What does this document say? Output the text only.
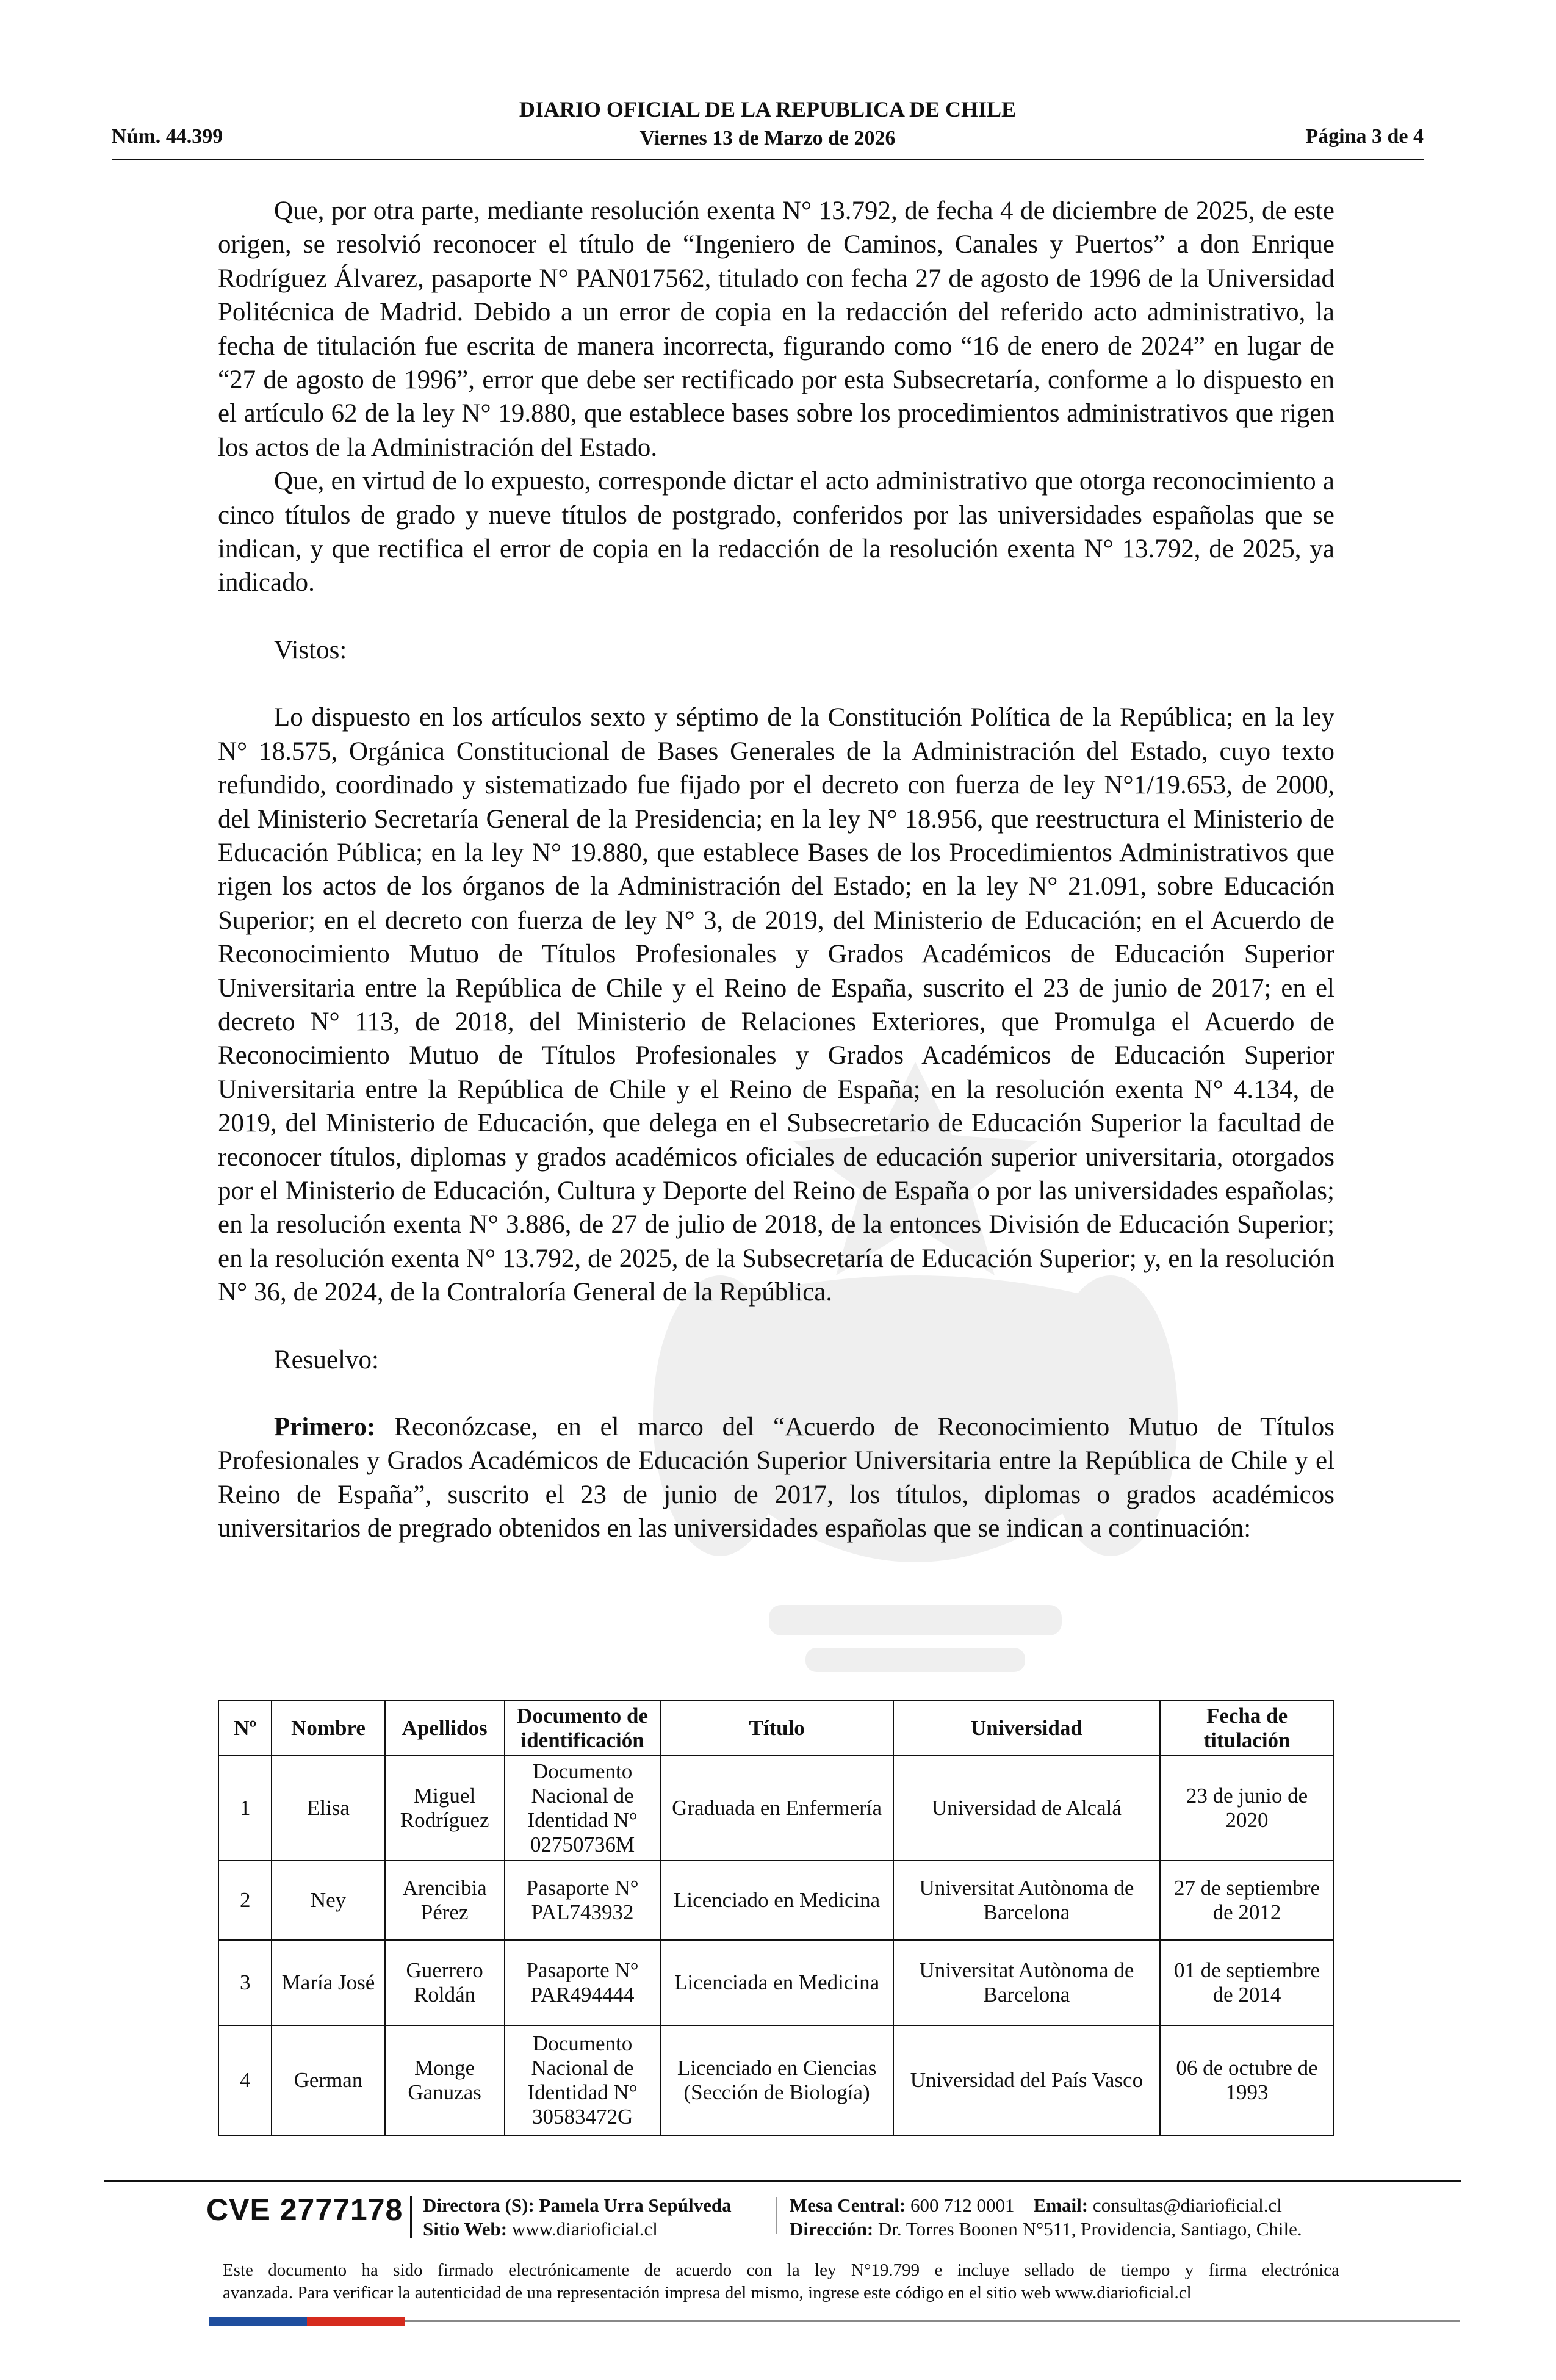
Núm. 44.399
DIARIO OFICIAL DE LA REPUBLICA DE CHILE
Viernes 13 de Marzo de 2026	Página 3 de 4

Que, por otra parte, mediante resolución exenta N° 13.792, de fecha 4 de diciembre de 2025, de este origen, se resolvió reconocer el título de “Ingeniero de Caminos, Canales y Puertos” a don Enrique Rodríguez Álvarez, pasaporte N° PAN017562, titulado con fecha 27 de agosto de 1996 de la Universidad Politécnica de Madrid. Debido a un error de copia en la redacción del referido acto administrativo, la fecha de titulación fue escrita de manera incorrecta, figurando como “16 de enero de 2024” en lugar de “27 de agosto de 1996”, error que debe ser rectificado por esta Subsecretaría, conforme a lo dispuesto en el artículo 62 de la ley N° 19.880, que establece bases sobre los procedimientos administrativos que rigen los actos de la Administración del Estado.

Que, en virtud de lo expuesto, corresponde dictar el acto administrativo que otorga reconocimiento a cinco títulos de grado y nueve títulos de postgrado, conferidos por las universidades españolas que se indican, y que rectifica el error de copia en la redacción de la resolución exenta N° 13.792, de 2025, ya indicado.

Vistos:

Lo dispuesto en los artículos sexto y séptimo de la Constitución Política de la República; en la ley N° 18.575, Orgánica Constitucional de Bases Generales de la Administración del Estado, cuyo texto refundido, coordinado y sistematizado fue fijado por el decreto con fuerza de ley N°1/19.653, de 2000, del Ministerio Secretaría General de la Presidencia; en la ley N° 18.956, que reestructura el Ministerio de Educación Pública; en la ley N° 19.880, que establece Bases de los Procedimientos Administrativos que rigen los actos de los órganos de la Administración del Estado; en la ley N° 21.091, sobre Educación Superior; en el decreto con fuerza de ley N° 3, de 2019, del Ministerio de Educación; en el Acuerdo de Reconocimiento Mutuo de Títulos Profesionales y Grados Académicos de Educación Superior Universitaria entre la República de Chile y el Reino de España, suscrito el 23 de junio de 2017; en el decreto N° 113, de 2018, del Ministerio de Relaciones Exteriores, que Promulga el Acuerdo de Reconocimiento Mutuo de Títulos Profesionales y Grados Académicos de Educación Superior Universitaria entre la República de Chile y el Reino de España; en la resolución exenta N° 4.134, de 2019, del Ministerio de Educación, que delega en el Subsecretario de Educación Superior la facultad de reconocer títulos, diplomas y grados académicos oficiales de educación superior universitaria, otorgados por el Ministerio de Educación, Cultura y Deporte del Reino de España o por las universidades españolas; en la resolución exenta N° 3.886, de 27 de julio de 2018, de la entonces División de Educación Superior; en la resolución exenta N° 13.792, de 2025, de la Subsecretaría de Educación Superior; y, en la resolución N° 36, de 2024, de la Contraloría General de la República.

Resuelvo:

Primero: Reconózcase, en el marco del “Acuerdo de Reconocimiento Mutuo de Títulos Profesionales y Grados Académicos de Educación Superior Universitaria entre la República de Chile y el Reino de España”, suscrito el 23 de junio de 2017, los títulos, diplomas o grados académicos universitarios de pregrado obtenidos en las universidades españolas que se indican a continuación:

Nº	Nombre	Apellidos	Documento de identificación	Título	Universidad	Fecha de titulación
1	Elisa	Miguel Rodríguez	Documento Nacional de Identidad N° 02750736M	Graduada en Enfermería	Universidad de Alcalá	23 de junio de 2020
2	Ney	Arencibia Pérez	Pasaporte N° PAL743932	Licenciado en Medicina	Universitat Autònoma de Barcelona	27 de septiembre de 2012
3	María José	Guerrero Roldán	Pasaporte N° PAR494444	Licenciada en Medicina	Universitat Autònoma de Barcelona	01 de septiembre de 2014
4	German	Monge Ganuzas	Documento Nacional de Identidad N° 30583472G	Licenciado en Ciencias (Sección de Biología)	Universidad del País Vasco	06 de octubre de 1993
CVE 2777178 Directora (S): Pamela Urra Sepúlveda
Sitio Web: www.diarioficial.cl
Mesa Central: 600 712 0001 Email: consultas@diarioficial.cl
Dirección: Dr. Torres Boonen N°511, Providencia, Santiago, Chile.
Este documento ha sido firmado electrónicamente de acuerdo con la ley N°19.799 e incluye sellado de tiempo y firma electrónica
avanzada. Para verificar la autenticidad de una representación impresa del mismo, ingrese este código en el sitio web www.diarioficial.cl
